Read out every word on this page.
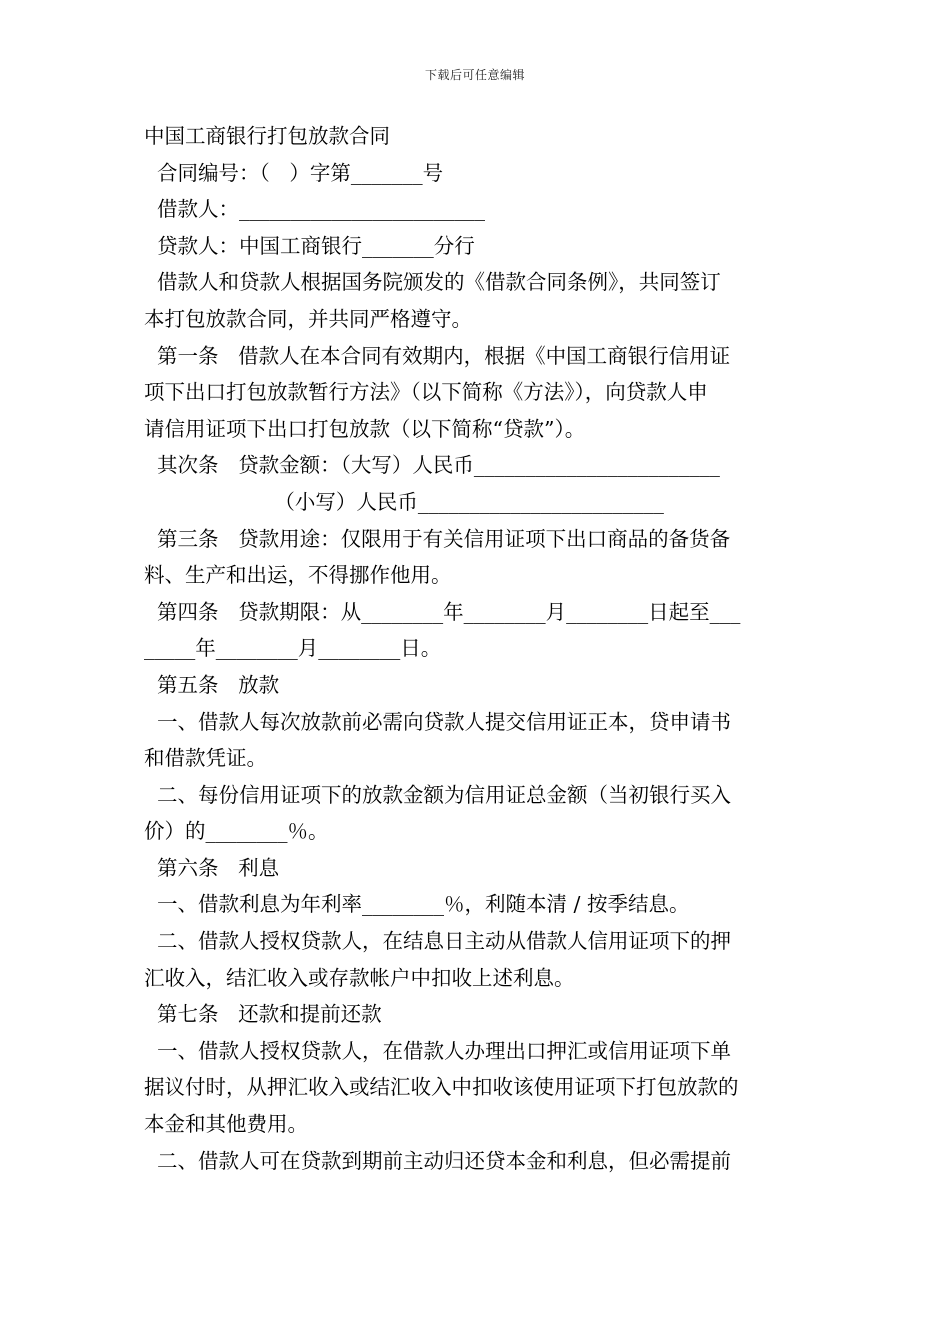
下载后可任意编辑

中国工商银行打包放款合同

合同编号：（   ）字第_______号

借款人：________________________

贷款人：中国工商银行_______分行

借款人和贷款人根据国务院颁发的《借款合同条例》，共同签订

本打包放款合同，并共同严格遵守。

第一条   借款人在本合同有效期内，根据《中国工商银行信用证

项下出口打包放款暂行方法》（以下简称《方法》），向贷款人申

请信用证项下出口打包放款（以下简称“贷款”）。

其次条   贷款金额：（大写）人民币________________________

（小写）人民币________________________

第三条   贷款用途：仅限用于有关信用证项下出口商品的备货备

料、生产和出运，不得挪作他用。

第四条   贷款期限：从________年________月________日起至___

_____年________月________日。

第五条   放款

一、借款人每次放款前必需向贷款人提交信用证正本，贷申请书

和借款凭证。

二、每份信用证项下的放款金额为信用证总金额（当初银行买入

价）的________％。

第六条   利息

一、借款利息为年利率________％，利随本清 / 按季结息。

二、借款人授权贷款人，在结息日主动从借款人信用证项下的押

汇收入，结汇收入或存款帐户中扣收上述利息。

第七条   还款和提前还款

一、借款人授权贷款人，在借款人办理出口押汇或信用证项下单

据议付时，从押汇收入或结汇收入中扣收该使用证项下打包放款的

本金和其他费用。

二、借款人可在贷款到期前主动归还贷本金和利息，但必需提前
